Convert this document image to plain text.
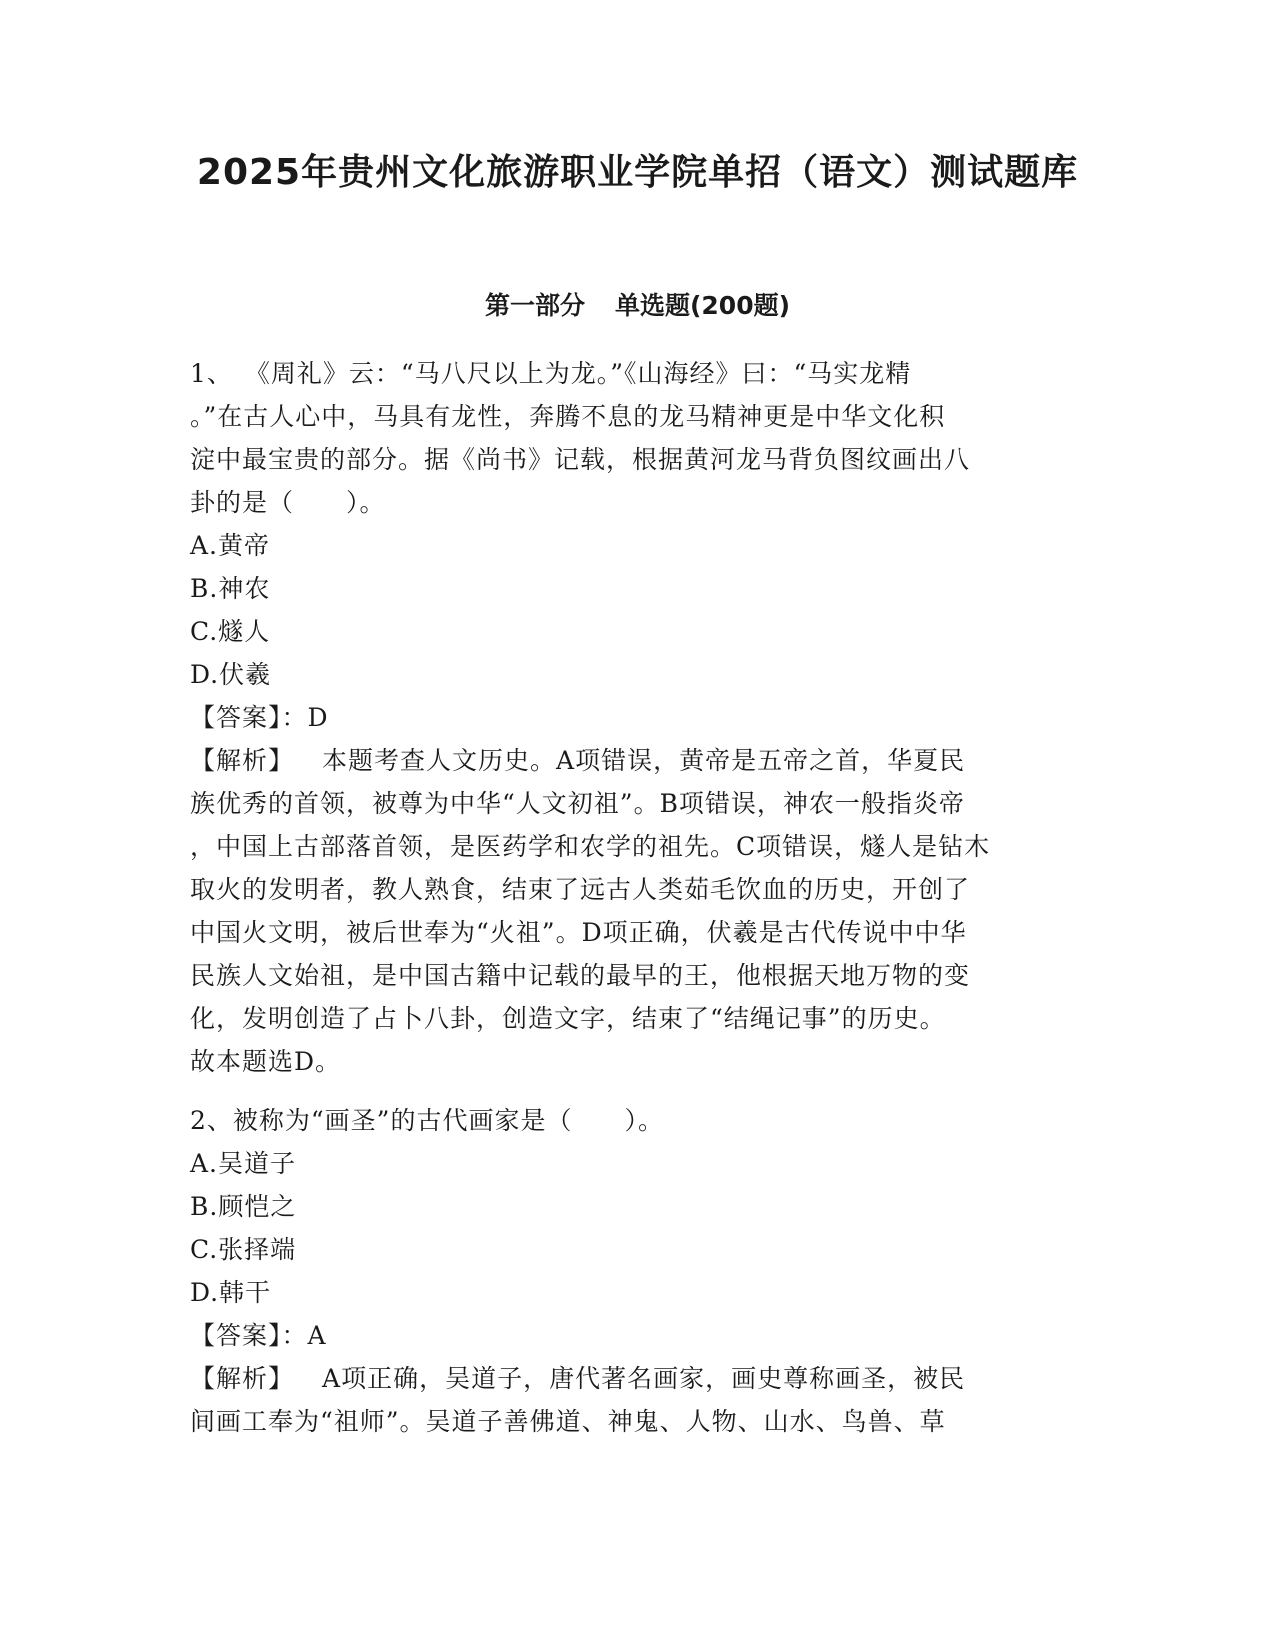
2025年贵州文化旅游职业学院单招（语文）测试题库
第一部分 单选题(200题)
1、 《周礼》云：“马八尺以上为龙。”《山海经》曰：“马实龙精
。”在古人心中，马具有龙性，奔腾不息的龙马精神更是中华文化积
淀中最宝贵的部分。据《尚书》记载，根据黄河龙马背负图纹画出八
卦的是（　　）。
A.黄帝
B.神农
C.燧人
D.伏羲
【答案】：D
【解析】 本题考查人文历史。A项错误，黄帝是五帝之首，华夏民
族优秀的首领，被尊为中华“人文初祖”。B项错误，神农一般指炎帝
，中国上古部落首领，是医药学和农学的祖先。C项错误，燧人是钻木
取火的发明者，教人熟食，结束了远古人类茹毛饮血的历史，开创了
中国火文明，被后世奉为“火祖”。D项正确，伏羲是古代传说中中华
民族人文始祖，是中国古籍中记载的最早的王，他根据天地万物的变
化，发明创造了占卜八卦，创造文字，结束了“结绳记事”的历史。
故本题选D。
2、被称为“画圣”的古代画家是（　　）。
A.吴道子
B.顾恺之
C.张择端
D.韩干
【答案】：A
【解析】 A项正确，吴道子，唐代著名画家，画史尊称画圣，被民
间画工奉为“祖师”。吴道子善佛道、神鬼、人物、山水、鸟兽、草
